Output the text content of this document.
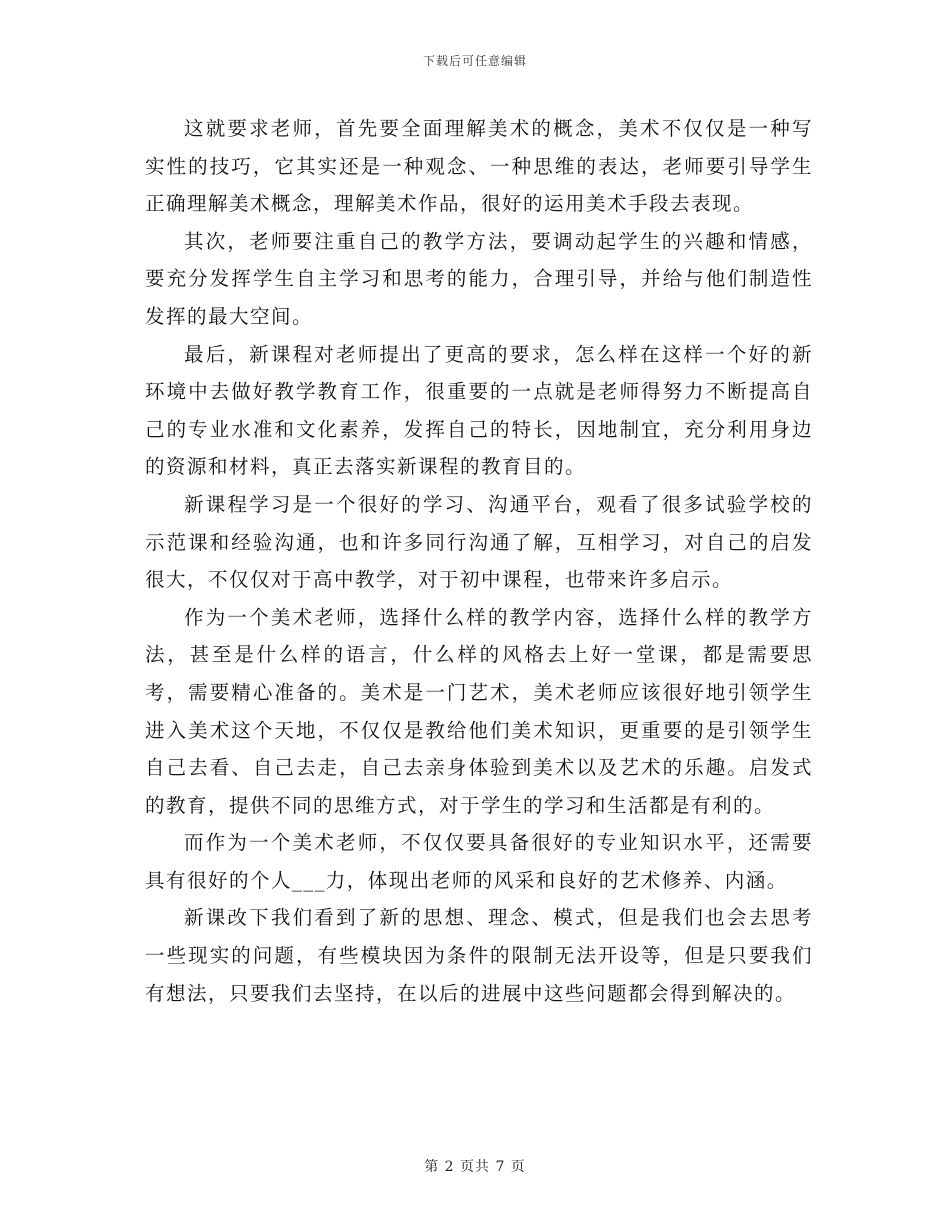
下载后可任意编辑

这就要求老师，首先要全面理解美术的概念，美术不仅仅是一种写实性的技巧，它其实还是一种观念、一种思维的表达，老师要引导学生正确理解美术概念，理解美术作品，很好的运用美术手段去表现。

其次，老师要注重自己的教学方法，要调动起学生的兴趣和情感，要充分发挥学生自主学习和思考的能力，合理引导，并给与他们制造性发挥的最大空间。

最后，新课程对老师提出了更高的要求，怎么样在这样一个好的新环境中去做好教学教育工作，很重要的一点就是老师得努力不断提高自己的专业水准和文化素养，发挥自己的特长，因地制宜，充分利用身边的资源和材料，真正去落实新课程的教育目的。

新课程学习是一个很好的学习、沟通平台，观看了很多试验学校的示范课和经验沟通，也和许多同行沟通了解，互相学习，对自己的启发很大，不仅仅对于高中教学，对于初中课程，也带来许多启示。

作为一个美术老师，选择什么样的教学内容，选择什么样的教学方法，甚至是什么样的语言，什么样的风格去上好一堂课，都是需要思考，需要精心准备的。美术是一门艺术，美术老师应该很好地引领学生进入美术这个天地，不仅仅是教给他们美术知识，更重要的是引领学生自己去看、自己去走，自己去亲身体验到美术以及艺术的乐趣。启发式的教育，提供不同的思维方式，对于学生的学习和生活都是有利的。

而作为一个美术老师，不仅仅要具备很好的专业知识水平，还需要具有很好的个人___力，体现出老师的风采和良好的艺术修养、内涵。

新课改下我们看到了新的思想、理念、模式，但是我们也会去思考一些现实的问题，有些模块因为条件的限制无法开设等，但是只要我们有想法，只要我们去坚持，在以后的进展中这些问题都会得到解决的。

第 2 页共 7 页
